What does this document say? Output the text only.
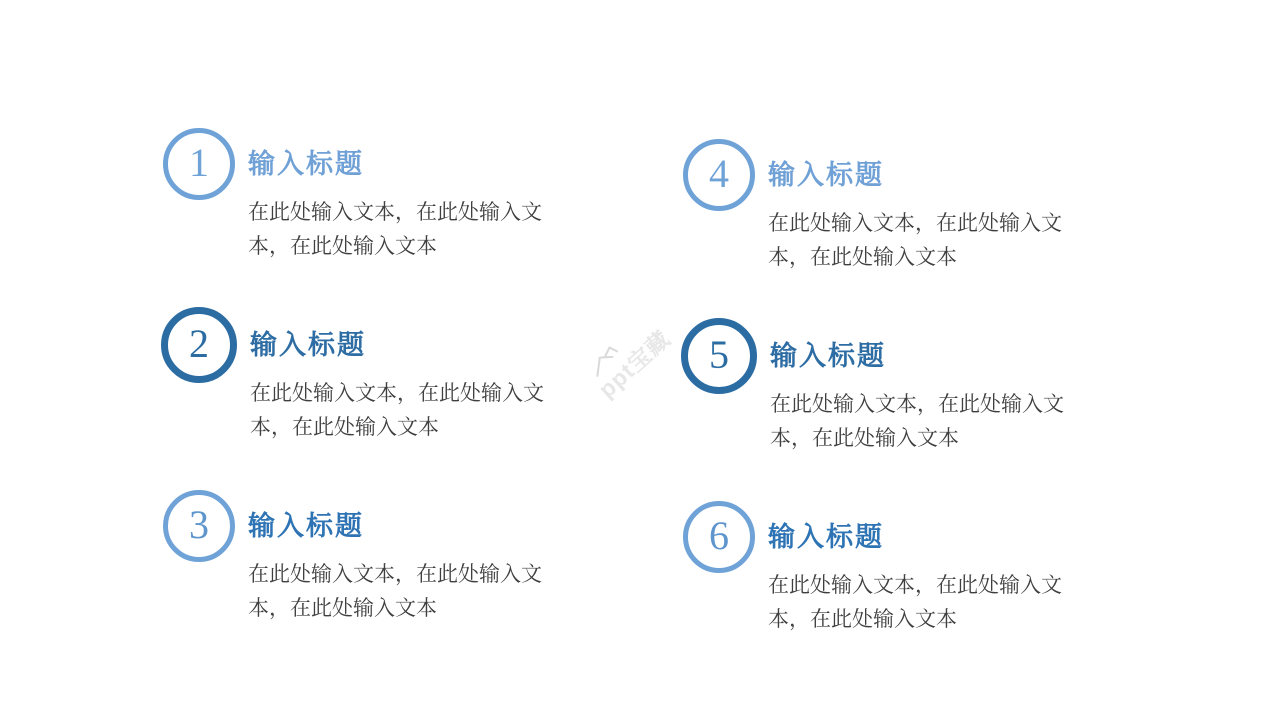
ppt宝藏
1 输入标题
在此处输入文本，在此处输入文本，在此处输入文本
2 输入标题
在此处输入文本，在此处输入文本，在此处输入文本
3 输入标题
在此处输入文本，在此处输入文本，在此处输入文本
4 输入标题
在此处输入文本，在此处输入文本，在此处输入文本
5 输入标题
在此处输入文本，在此处输入文本，在此处输入文本
6 输入标题
在此处输入文本，在此处输入文本，在此处输入文本
